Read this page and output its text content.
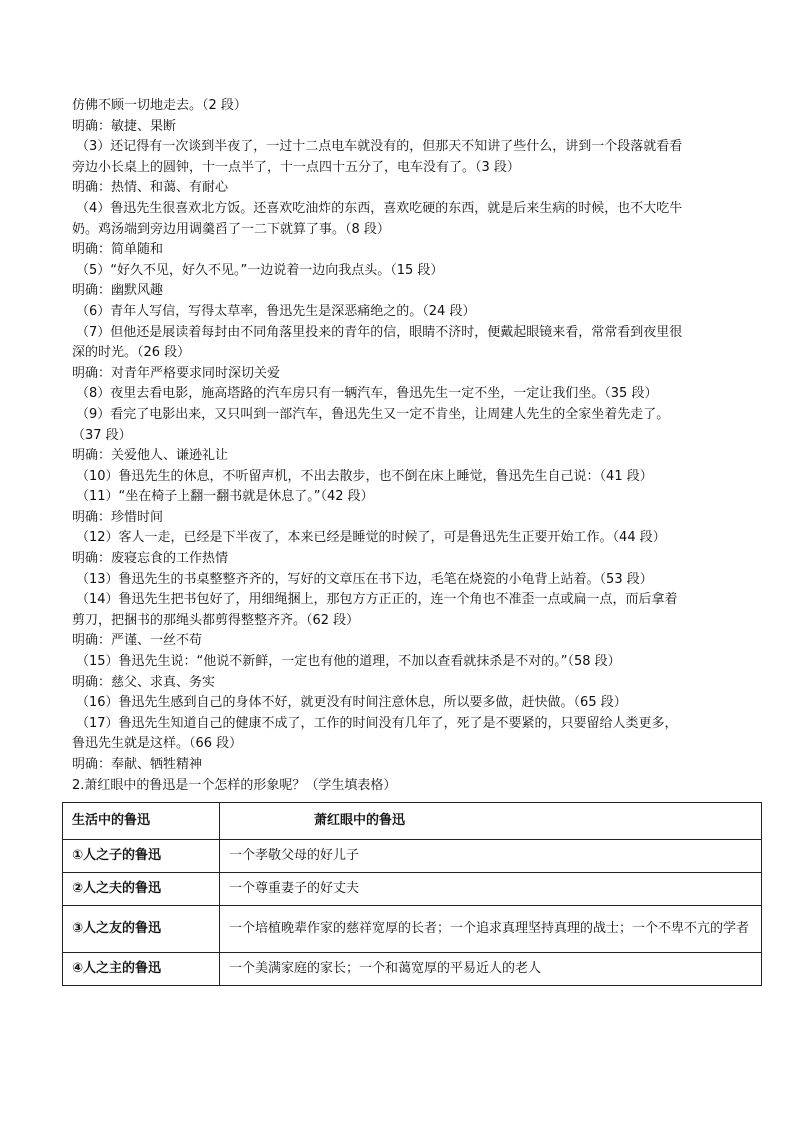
仿佛不顾一切地走去。（2 段）
明确：敏捷、果断
（3）还记得有一次谈到半夜了，一过十二点电车就没有的，但那天不知讲了些什么，讲到一个段落就看看
旁边小长桌上的圆钟，十一点半了，十一点四十五分了，电车没有了。（3 段）
明确：热情、和蔼、有耐心
（4）鲁迅先生很喜欢北方饭。还喜欢吃油炸的东西，喜欢吃硬的东西，就是后来生病的时候，也不大吃牛
奶。鸡汤端到旁边用调羹舀了一二下就算了事。（8 段）
明确：简单随和
（5）“好久不见，好久不见。”一边说着一边向我点头。（15 段）
明确：幽默风趣
（6）青年人写信，写得太草率，鲁迅先生是深恶痛绝之的。（24 段）
（7）但他还是展读着每封由不同角落里投来的青年的信，眼睛不济时，便戴起眼镜来看，常常看到夜里很
深的时光。（26 段）
明确：对青年严格要求同时深切关爱
（8）夜里去看电影，施高塔路的汽车房只有一辆汽车，鲁迅先生一定不坐，一定让我们坐。（35 段）
（9）看完了电影出来，又只叫到一部汽车，鲁迅先生又一定不肯坐，让周建人先生的全家坐着先走了。
（37 段）
明确：关爱他人、谦逊礼让
（10）鲁迅先生的休息，不听留声机，不出去散步，也不倒在床上睡觉，鲁迅先生自己说：（41 段）
（11）“坐在椅子上翻一翻书就是休息了。”（42 段）
明确：珍惜时间
（12）客人一走，已经是下半夜了，本来已经是睡觉的时候了，可是鲁迅先生正要开始工作。（44 段）
明确：废寝忘食的工作热情
（13）鲁迅先生的书桌整整齐齐的，写好的文章压在书下边，毛笔在烧瓷的小龟背上站着。（53 段）
（14）鲁迅先生把书包好了，用细绳捆上，那包方方正正的，连一个角也不准歪一点或扁一点，而后拿着
剪刀，把捆书的那绳头都剪得整整齐齐。（62 段）
明确：严谨、一丝不苟
（15）鲁迅先生说：“他说不新鲜，一定也有他的道理，不加以查看就抹杀是不对的。”（58 段）
明确：慈父、求真、务实
（16）鲁迅先生感到自己的身体不好，就更没有时间注意休息，所以要多做，赶快做。（65 段）
（17）鲁迅先生知道自己的健康不成了，工作的时间没有几年了，死了是不要紧的，只要留给人类更多，
鲁迅先生就是这样。（66 段）
明确：奉献、牺牲精神
2.萧红眼中的鲁迅是一个怎样的形象呢？（学生填表格）
生活中的鲁迅	萧红眼中的鲁迅
①人之子的鲁迅	一个孝敬父母的好儿子
②人之夫的鲁迅	一个尊重妻子的好丈夫
③人之友的鲁迅	一个培植晚辈作家的慈祥宽厚的长者；一个追求真理坚持真理的战士；一个不卑不亢的学者
④人之主的鲁迅	一个美满家庭的家长；一个和蔼宽厚的平易近人的老人
